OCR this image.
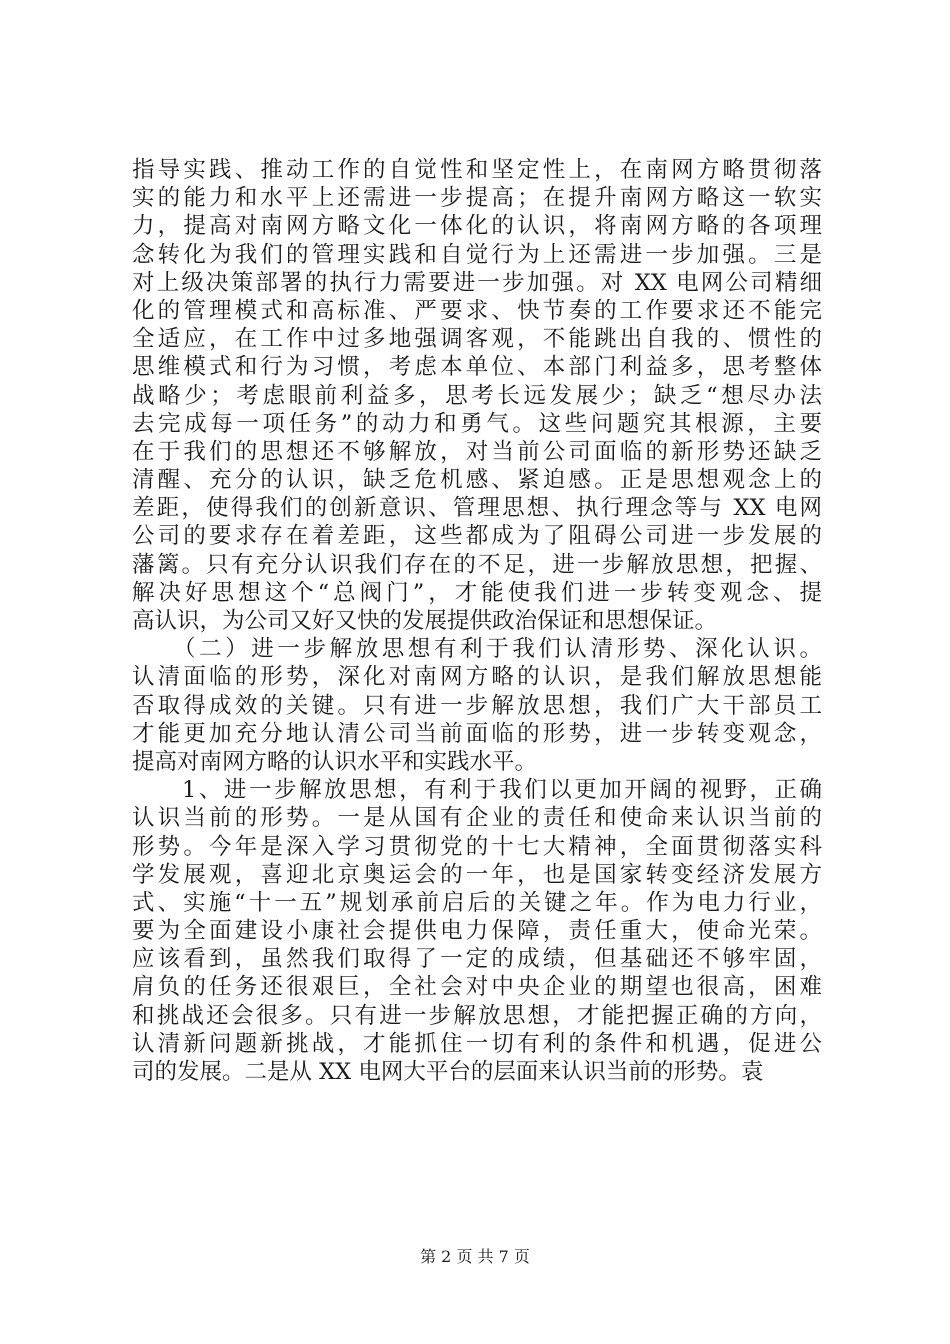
指导实践、推动工作的自觉性和坚定性上，在南网方略贯彻落
实的能力和水平上还需进一步提高；在提升南网方略这一软实
力，提高对南网方略文化一体化的认识，将南网方略的各项理
念转化为我们的管理实践和自觉行为上还需进一步加强。三是
对上级决策部署的执行力需要进一步加强。对 XX 电网公司精细
化的管理模式和高标准、严要求、快节奏的工作要求还不能完
全适应，在工作中过多地强调客观，不能跳出自我的、惯性的
思维模式和行为习惯，考虑本单位、本部门利益多，思考整体
战略少；考虑眼前利益多，思考长远发展少；缺乏“想尽办法
去完成每一项任务”的动力和勇气。这些问题究其根源，主要
在于我们的思想还不够解放，对当前公司面临的新形势还缺乏
清醒、充分的认识，缺乏危机感、紧迫感。正是思想观念上的
差距，使得我们的创新意识、管理思想、执行理念等与 XX 电网
公司的要求存在着差距，这些都成为了阻碍公司进一步发展的
藩篱。只有充分认识我们存在的不足，进一步解放思想，把握、
解决好思想这个“总阀门”，才能使我们进一步转变观念、提
高认识，为公司又好又快的发展提供政治保证和思想保证。
　　（二）进一步解放思想有利于我们认清形势、深化认识。
认清面临的形势，深化对南网方略的认识，是我们解放思想能
否取得成效的关键。只有进一步解放思想，我们广大干部员工
才能更加充分地认清公司当前面临的形势，进一步转变观念，
提高对南网方略的认识水平和实践水平。
　　1、进一步解放思想，有利于我们以更加开阔的视野，正确
认识当前的形势。一是从国有企业的责任和使命来认识当前的
形势。今年是深入学习贯彻党的十七大精神，全面贯彻落实科
学发展观，喜迎北京奥运会的一年，也是国家转变经济发展方
式、实施“十一五”规划承前启后的关键之年。作为电力行业，
要为全面建设小康社会提供电力保障，责任重大，使命光荣。
应该看到，虽然我们取得了一定的成绩，但基础还不够牢固，
肩负的任务还很艰巨，全社会对中央企业的期望也很高，困难
和挑战还会很多。只有进一步解放思想，才能把握正确的方向，
认清新问题新挑战，才能抓住一切有利的条件和机遇，促进公
司的发展。二是从 XX 电网大平台的层面来认识当前的形势。袁
第 2 页 共 7 页
